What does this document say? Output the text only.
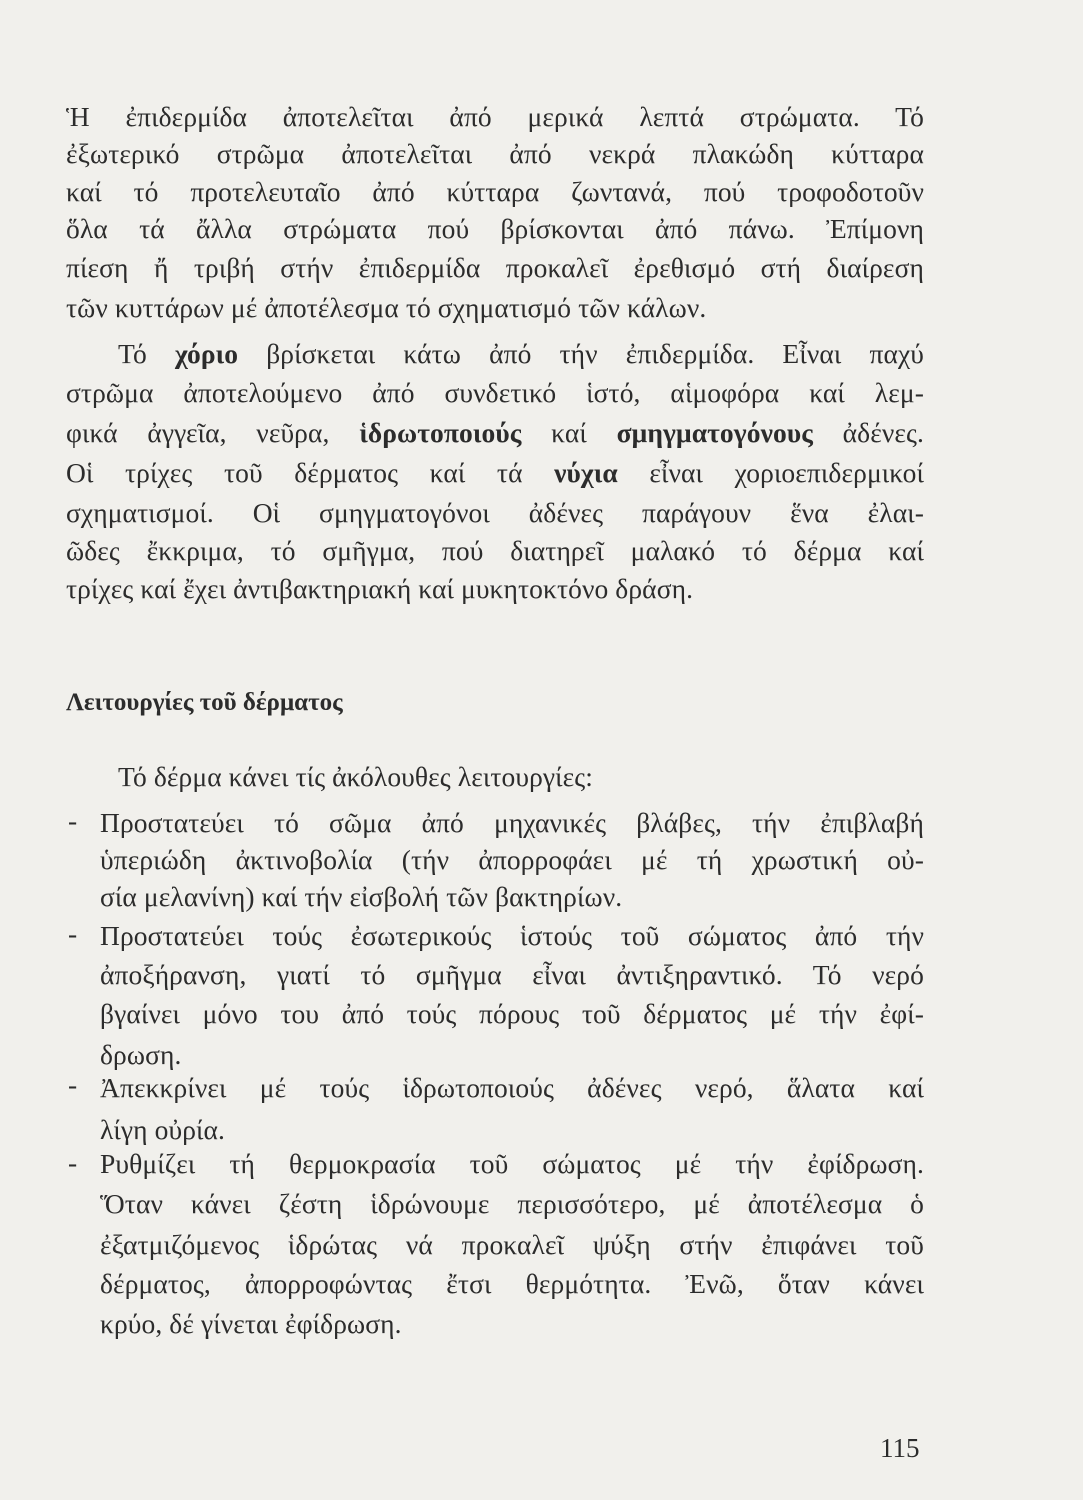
Ἡ ἐπιδερμίδα ἀποτελεῖται ἀπό μερικά λεπτά στρώματα. Τό
ἐξωτερικό στρῶμα ἀποτελεῖται ἀπό νεκρά πλακώδη κύτταρα
καί τό προτελευταῖο ἀπό κύτταρα ζωντανά, πού τροφοδοτοῦν
ὅλα τά ἄλλα στρώματα πού βρίσκονται ἀπό πάνω. Ἐπίμονη
πίεση ἤ τριβή στήν ἐπιδερμίδα προκαλεῖ ἐρεθισμό στή διαίρεση
τῶν κυττάρων μέ ἀποτέλεσμα τό σχηματισμό τῶν κάλων.
Τό χόριο βρίσκεται κάτω ἀπό τήν ἐπιδερμίδα. Εἶναι παχύ
στρῶμα ἀποτελούμενο ἀπό συνδετικό ἱστό, αἱμοφόρα καί λεμ-
φικά ἀγγεῖα, νεῦρα, ἱδρωτοποιούς καί σμηγματογόνους ἀδένες.
Οἱ τρίχες τοῦ δέρματος καί τά νύχια εἶναι χοριοεπιδερμικοί
σχηματισμοί. Οἱ σμηγματογόνοι ἀδένες παράγουν ἕνα ἐλαι-
ῶδες ἔκκριμα, τό σμῆγμα, πού διατηρεῖ μαλακό τό δέρμα καί
τρίχες καί ἔχει ἀντιβακτηριακή καί μυκητοκτόνο δράση.
Λειτουργίες τοῦ δέρματος
Τό δέρμα κάνει τίς ἀκόλουθες λειτουργίες:
- Προστατεύει τό σῶμα ἀπό μηχανικές βλάβες, τήν ἐπιβλαβή
ὑπεριώδη ἀκτινοβολία (τήν ἀπορροφάει μέ τή χρωστική οὐ-
σία μελανίνη) καί τήν εἰσβολή τῶν βακτηρίων.
- Προστατεύει τούς ἐσωτερικούς ἱστούς τοῦ σώματος ἀπό τήν
ἀποξήρανση, γιατί τό σμῆγμα εἶναι ἀντιξηραντικό. Τό νερό
βγαίνει μόνο του ἀπό τούς πόρους τοῦ δέρματος μέ τήν ἐφί-
δρωση.
- Ἀπεκκρίνει μέ τούς ἱδρωτοποιούς ἀδένες νερό, ἅλατα καί
λίγη οὐρία.
- Ρυθμίζει τή θερμοκρασία τοῦ σώματος μέ τήν ἐφίδρωση.
Ὅταν κάνει ζέστη ἱδρώνουμε περισσότερο, μέ ἀποτέλεσμα ὁ
ἐξατμιζόμενος ἱδρώτας νά προκαλεῖ ψύξη στήν ἐπιφάνει τοῦ
δέρματος, ἀπορροφώντας ἔτσι θερμότητα. Ἐνῶ, ὅταν κάνει
κρύο, δέ γίνεται ἐφίδρωση.
115
